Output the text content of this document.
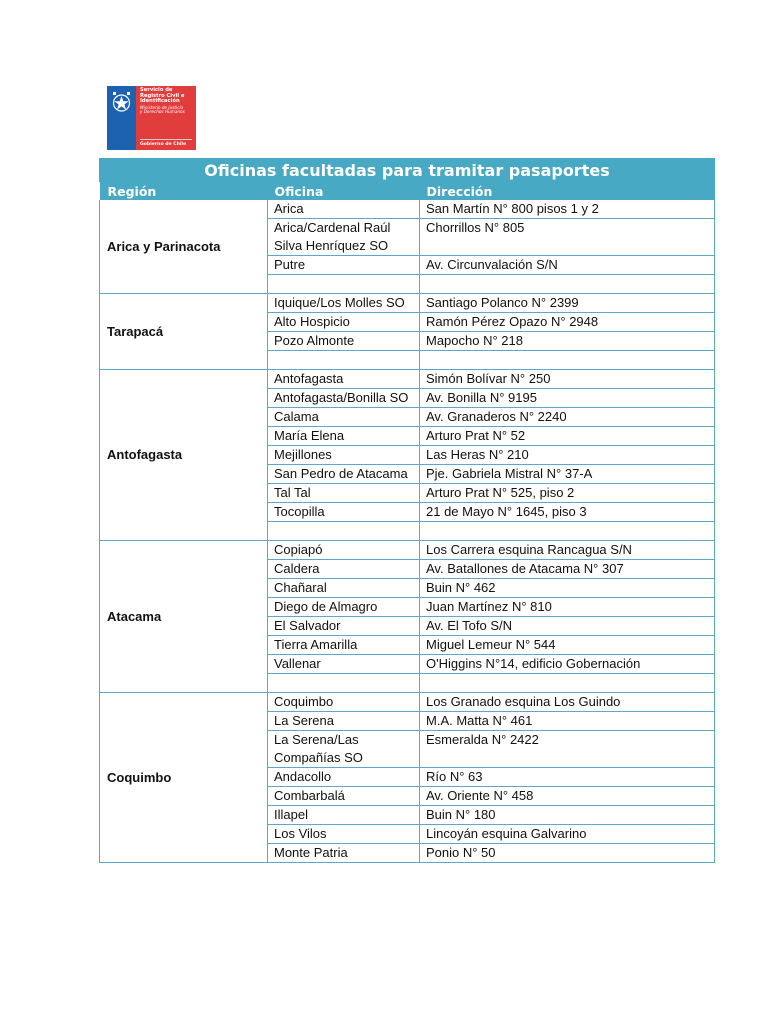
Servicio de
Registro Civil e
Identificación
Ministerio de Justicia
y Derechos Humanos
Gobierno de Chile
Oficinas facultadas para tramitar pasaportes		
Región	Oficina	Dirección
Arica y Parinacota	Arica	San Martín N° 800 pisos 1 y 2
	Arica/Cardenal Raúl Silva Henríquez SO	Chorrillos N° 805
	Putre	Av. Circunvalación S/N

Tarapacá	Iquique/Los Molles SO	Santiago Polanco N° 2399
	Alto Hospicio	Ramón Pérez Opazo N° 2948
	Pozo Almonte	Mapocho N° 218

Antofagasta	Antofagasta	Simón Bolívar N° 250
	Antofagasta/Bonilla SO	Av. Bonilla N° 9195
	Calama	Av. Granaderos N° 2240
	María Elena	Arturo Prat N° 52
	Mejillones	Las Heras N° 210
	San Pedro de Atacama	Pje. Gabriela Mistral N° 37-A
	Tal Tal	Arturo Prat N° 525, piso 2
	Tocopilla	21 de Mayo N° 1645, piso 3

Atacama	Copiapó	Los Carrera esquina Rancagua S/N
	Caldera	Av. Batallones de Atacama N° 307
	Chañaral	Buin N° 462
	Diego de Almagro	Juan Martínez N° 810
	El Salvador	Av. El Tofo S/N
	Tierra Amarilla	Miguel Lemeur N° 544
	Vallenar	O'Higgins N°14, edificio Gobernación

Coquimbo	Coquimbo	Los Granado esquina Los Guindo
	La Serena	M.A. Matta N° 461
	La Serena/Las Compañías SO	Esmeralda N° 2422
	Andacollo	Río N° 63
	Combarbalá	Av. Oriente N° 458
	Illapel	Buin N° 180
	Los Vilos	Lincoyán esquina Galvarino
	Monte Patria	Ponio N° 50
